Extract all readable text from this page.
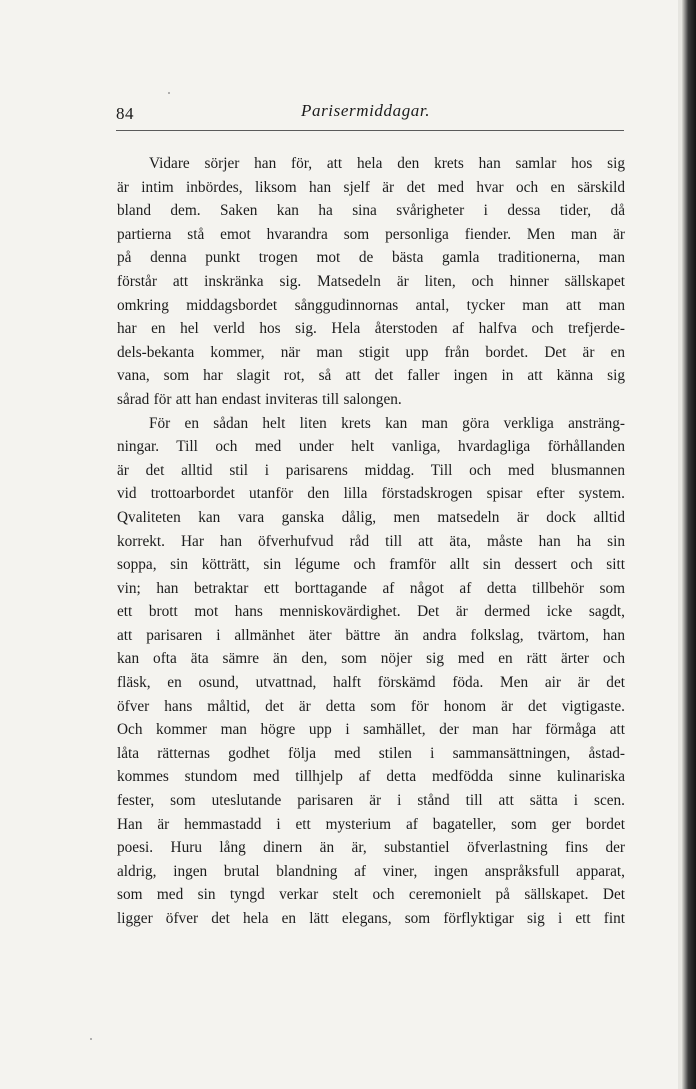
84	Parisermiddagar.
Vidare sörjer han för, att hela den krets han samlar hos sig
är intim inbördes, liksom han sjelf är det med hvar och en särskild
bland dem. Saken kan ha sina svårigheter i dessa tider, då
partierna stå emot hvarandra som personliga fiender. Men man är
på denna punkt trogen mot de bästa gamla traditionerna, man
förstår att inskränka sig. Matsedeln är liten, och hinner sällskapet
omkring middagsbordet sånggudinnornas antal, tycker man att man
har en hel verld hos sig. Hela återstoden af halfva och trefjerde-
dels-bekanta kommer, när man stigit upp från bordet. Det är en
vana, som har slagit rot, så att det faller ingen in att känna sig
sårad för att han endast inviteras till salongen.
För en sådan helt liten krets kan man göra verkliga ansträng-
ningar. Till och med under helt vanliga, hvardagliga förhållanden
är det alltid stil i parisarens middag. Till och med blusmannen
vid trottoarbordet utanför den lilla förstadskrogen spisar efter system.
Qvaliteten kan vara ganska dålig, men matsedeln är dock alltid
korrekt. Har han öfverhufvud råd till att äta, måste han ha sin
soppa, sin kötträtt, sin légume och framför allt sin dessert och sitt
vin; han betraktar ett borttagande af något af detta tillbehör som
ett brott mot hans menniskovärdighet. Det är dermed icke sagdt,
att parisaren i allmänhet äter bättre än andra folkslag, tvärtom, han
kan ofta äta sämre än den, som nöjer sig med en rätt ärter och
fläsk, en osund, utvattnad, halft förskämd föda. Men air är det
öfver hans måltid, det är detta som för honom är det vigtigaste.
Och kommer man högre upp i samhället, der man har förmåga att
låta rätternas godhet följa med stilen i sammansättningen, åstad-
kommes stundom med tillhjelp af detta medfödda sinne kulinariska
fester, som uteslutande parisaren är i stånd till att sätta i scen.
Han är hemmastadd i ett mysterium af bagateller, som ger bordet
poesi. Huru lång dinern än är, substantiel öfverlastning fins der
aldrig, ingen brutal blandning af viner, ingen anspråksfull apparat,
som med sin tyngd verkar stelt och ceremonielt på sällskapet. Det
ligger öfver det hela en lätt elegans, som förflyktigar sig i ett fint
